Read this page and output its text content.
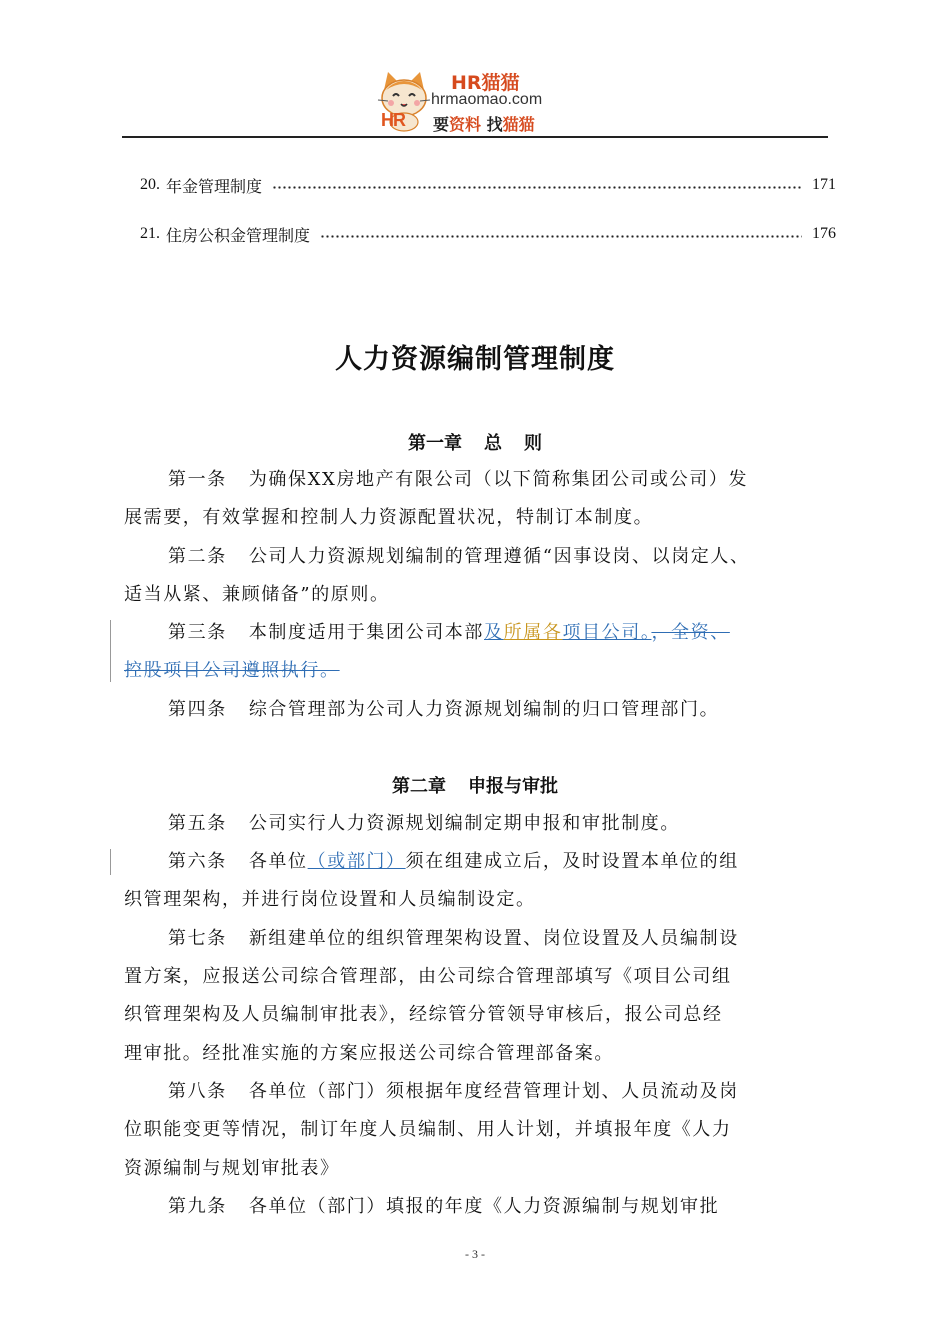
HR猫猫
hrmaomao.com
HR 要资料 找猫猫
20. 年金管理制度	171
21. 住房公积金管理制度	176
人力资源编制管理制度
第一章 总 则
第一条 为确保XX房地产有限公司（以下简称集团公司或公司）发
展需要，有效掌握和控制人力资源配置状况，特制订本制度。
第二条 公司人力资源规划编制的管理遵循“因事设岗、以岗定人、
适当从紧、兼顾储备”的原则。
第三条 本制度适用于集团公司本部及所属各项目公司。，全资、
控股项目公司遵照执行。
第四条 综合管理部为公司人力资源规划编制的归口管理部门。
第二章 申报与审批
第五条 公司实行人力资源规划编制定期申报和审批制度。
第六条 各单位（或部门）须在组建成立后，及时设置本单位的组
织管理架构，并进行岗位设置和人员编制设定。
第七条 新组建单位的组织管理架构设置、岗位设置及人员编制设
置方案，应报送公司综合管理部，由公司综合管理部填写《项目公司组
织管理架构及人员编制审批表》，经综管分管领导审核后，报公司总经
理审批。经批准实施的方案应报送公司综合管理部备案。
第八条 各单位（部门）须根据年度经营管理计划、人员流动及岗
位职能变更等情况，制订年度人员编制、用人计划，并填报年度《人力
资源编制与规划审批表》
第九条 各单位（部门）填报的年度《人力资源编制与规划审批
- 3 -
